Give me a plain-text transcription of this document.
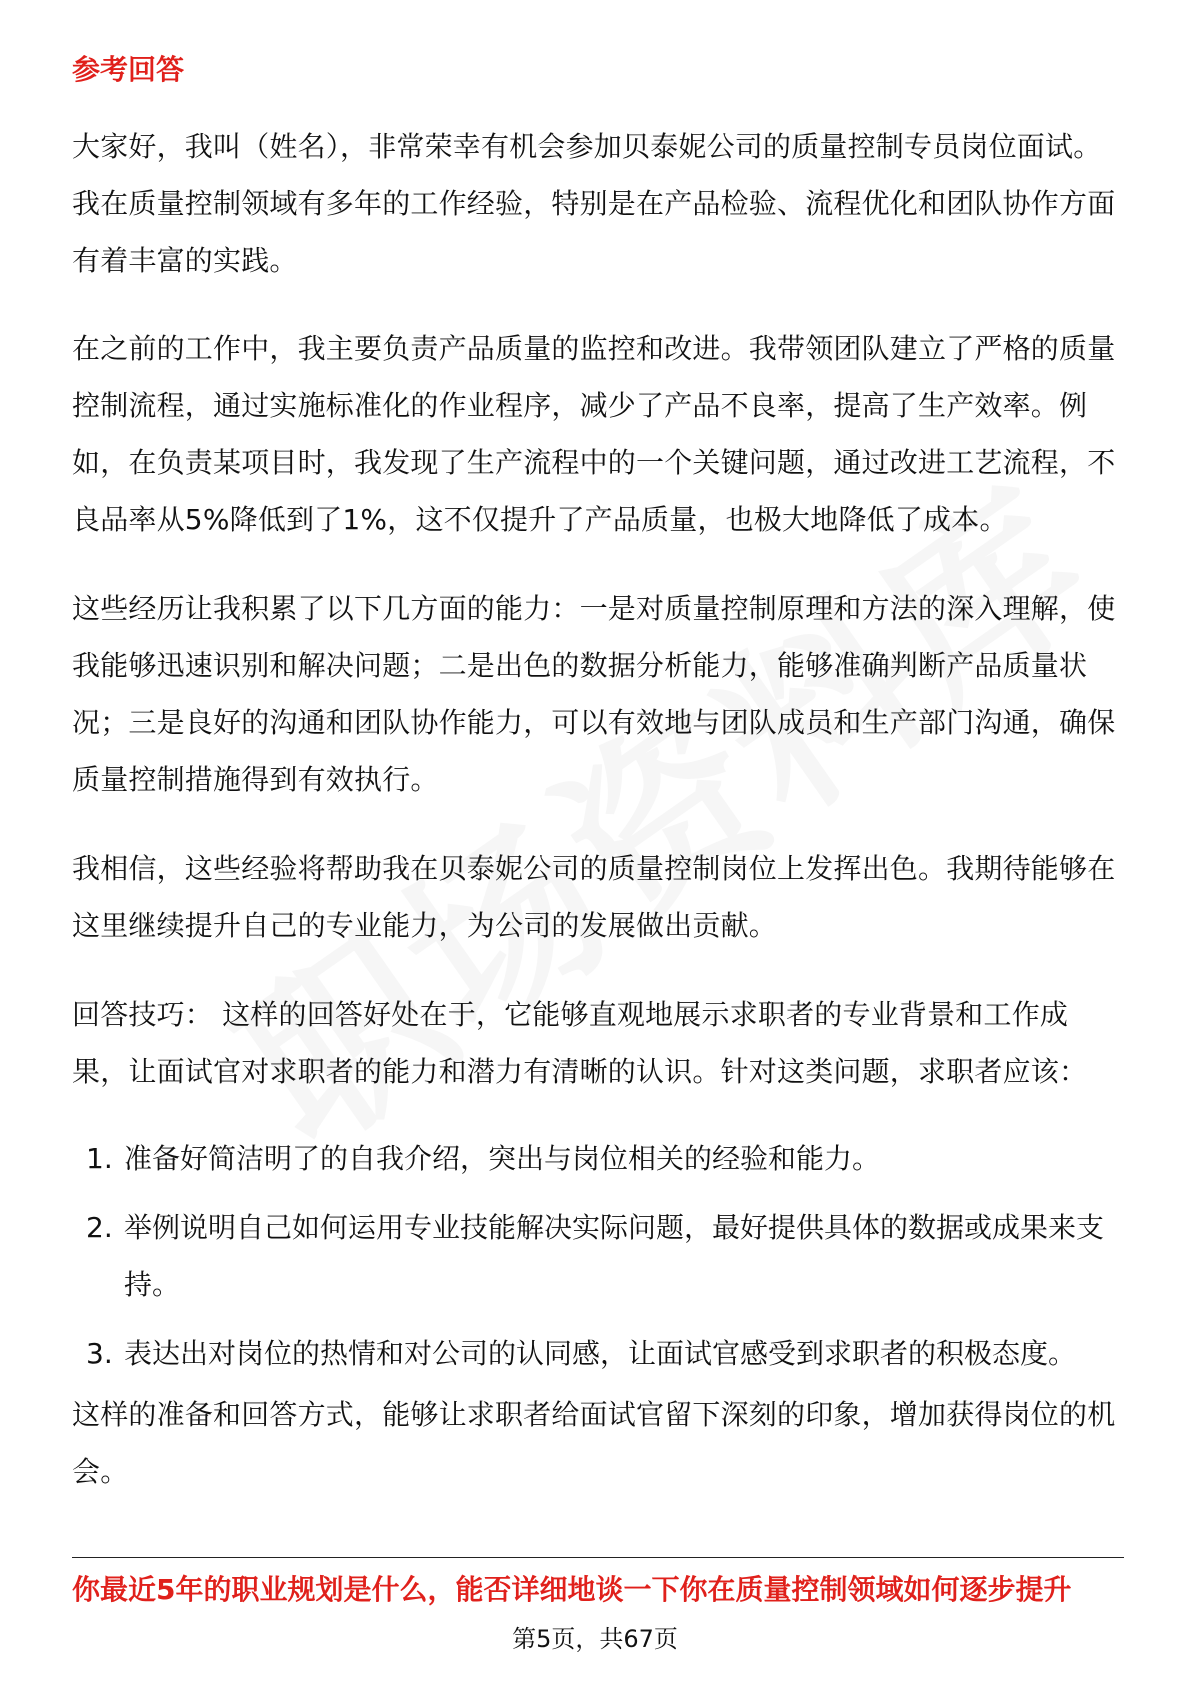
参考回答

大家好，我叫（姓名），非常荣幸有机会参加贝泰妮公司的质量控制专员岗位面试。我在质量控制领域有多年的工作经验，特别是在产品检验、流程优化和团队协作方面有着丰富的实践。

在之前的工作中，我主要负责产品质量的监控和改进。我带领团队建立了严格的质量控制流程，通过实施标准化的作业程序，减少了产品不良率，提高了生产效率。例如，在负责某项目时，我发现了生产流程中的一个关键问题，通过改进工艺流程，不良品率从5%降低到了1%，这不仅提升了产品质量，也极大地降低了成本。

这些经历让我积累了以下几方面的能力：一是对质量控制原理和方法的深入理解，使我能够迅速识别和解决问题；二是出色的数据分析能力，能够准确判断产品质量状况；三是良好的沟通和团队协作能力，可以有效地与团队成员和生产部门沟通，确保质量控制措施得到有效执行。

我相信，这些经验将帮助我在贝泰妮公司的质量控制岗位上发挥出色。我期待能够在这里继续提升自己的专业能力，为公司的发展做出贡献。

回答技巧： 这样的回答好处在于，它能够直观地展示求职者的专业背景和工作成果，让面试官对求职者的能力和潜力有清晰的认识。针对这类问题，求职者应该：

1. 准备好简洁明了的自我介绍，突出与岗位相关的经验和能力。
2. 举例说明自己如何运用专业技能解决实际问题，最好提供具体的数据或成果来支持。
3. 表达出对岗位的热情和对公司的认同感，让面试官感受到求职者的积极态度。

这样的准备和回答方式，能够让求职者给面试官留下深刻的印象，增加获得岗位的机会。

你最近5年的职业规划是什么，能否详细地谈一下你在质量控制领域如何逐步提升
第5页，共67页
